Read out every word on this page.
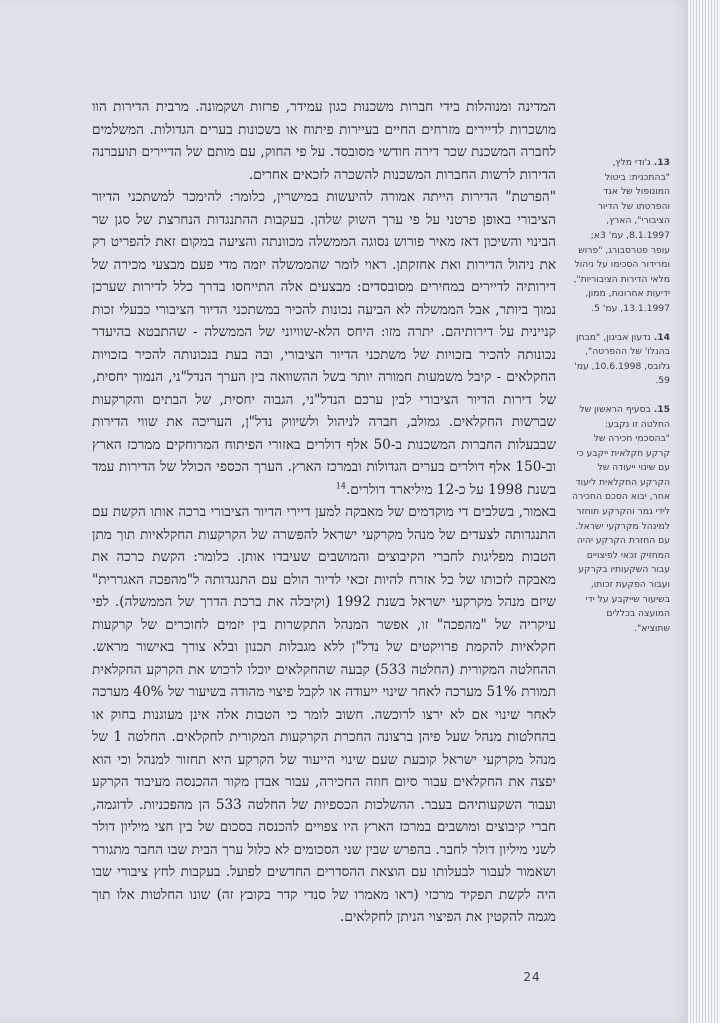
המדינה ומנוהלות בידי חברות משכנות כגון עמידר, פרזות ושקמונה. מרבית הדירות הוו מושכרות לדיירים מזרחים החיים בעיירות פיתוח או בשכונות בערים הגדולות. המשלמים לחברה המשכנת שכר דירה חודשי מסובסד. על פי החוק, עם מותם של הדיירים תועברנה הדירות לרשות החברות המשכנות להשכרה לזכאים אחרים.

"הפרטת" הדירות הייתה אמורה להיעשות במישרין, כלומר: להימכר למשתכני הדיור הציבורי באופן פרטני על פי ערך השוק שלהן. בעקבות ההתנגדות הנחרצת של סגן שר הבינוי והשיכון דאז מאיר פורוש נסוגה הממשלה מכוונתה והציעה במקום זאת להפריט רק את ניהול הדירות ואת אחזקתן. ראוי לומר שהממשלה יזמה מדי פעם מבצעי מכירה של דירותיה לדיירים במחירים מסובסדים: מבצעים אלה התייחסו בדרך כלל לדירות שערכן נמוך ביותר, אבל הממשלה לא הביעה נכונות להכיר במשתכני הדיור הציבורי כבעלי זכות קניינית על דירותיהם. יתרה מזו: היחס הלא-שוויוני של הממשלה - שהתבטא בהיעדר נכונותה להכיר בזכויות של משתכני הדיור הציבורי, ובה בעת בנכונותה להכיר בזכויות החקלאים - קיבל משמעות חמורה יותר בשל ההשוואה בין הערך הנדל"ני, הנמוך יחסית, של דירות הדיור הציבורי לבין ערכם הנדל"ני, הגבוה יחסית, של הבתים והקרקעות שברשות החקלאים. גמולב, חברה לניהול ולשיווק נדל"ן, העריכה את שווי הדירות שבבעלות החברות המשכנות ב-50 אלף דולרים באזורי הפיתוח המרוחקים ממרכז הארץ וב-150 אלף דולרים בערים הגדולות ובמרכז הארץ. הערך הכספי הכולל של הדירות עמד בשנת 1998 על כ-12 מיליארד דולרים.$^{14}$

באמור, בשלבים די מוקדמים של מאבקה למען דיירי הדיור הציבורי ברכה אותו הקשת עם התנגדותה לצעדים של מנהל מקרקעי ישראל להפשרה של הקרקעות החקלאיות תוך מתן הטבות מפליגות לחברי הקיבוצים והמושבים שעיבדו אותן. כלומר: הקשת כרכה את מאבקה לזכותו של כל אזרח להיות זכאי לדיור הולם עם התנגדותה ל"מהפכה האגררית" שיזם מנהל מקרקעי ישראל בשנת 1992 (וקיבלה את ברכת הדרך של הממשלה). לפי עיקריה של "מהפכה" זו, אפשר המנהל התקשרות בין יזמים לחוכרים של קרקעות חקלאיות להקמת פרויקטים של נדל"ן ללא מגבלות תכנון ובלא צורך באישור מראש. ההחלטה המקורית (החלטה 533) קבעה שהחקלאים יוכלו לרכוש את הקרקע החקלאית תמורת 51% מערכה לאחר שינוי ייעודה או לקבל פיצוי מהודה בשיעור של 40% מערכה לאחר שינוי אם לא ירצו לרוכשה. חשוב לומר כי הטבות אלה אינן מעוגנות בחוק או בהחלטות מנהל שעל פיהן ברצונה החכרת הקרקעות המקורית לחקלאים. החלטה 1 של מנהל מקרקעי ישראל קובעת שעם שינוי הייעוד של הקרקע היא תחזור למנהל וכי הוא יפצה את החקלאים עבור סיום חוזה החכירה, עבור אבדן מקור ההכנסה מעיבוד הקרקע ועבור השקעותיהם בעבר. ההשלכות הכספיות של החלטה 533 הן מהפכניות. לדוגמה, חברי קיבוצים ומושבים במרכז הארץ היו צפויים להכנסה בסכום של בין חצי מיליון דולר לשני מיליון דולר לחבר. בהפרש שבין שני הסכומים לא כלול ערך הבית שבו החבר מתגורר ושאמור לעבור לבעלותו עם הוצאת ההסדרים החדשים לפועל. בעקבות לחץ ציבורי שבו היה לקשת תפקיד מרכזי (ראו מאמרו של סנדי קדר בקובץ זה) שונו החלטות אלו תוך מגמה להקטין את הפיצוי הניתן לחקלאים.

13. ג'ודי מלץ, "בהתכנית: ביטול המונופול של אגד והפרטתו של הדיור הציבורי", הארץ, 8.1.1997, עמ' 3א; עופר פטרסבורג, "פרוש ומרידור הסכימו על ניהול מלאי הדירות הציבוריות", ידיעות אחרונות, ממון, 13.1.1997, עמ' 5.
14. נדעון אביגון, "מבחן בהנלו' של ההפרטה", גלובס, 10.6.1998, עמ' 59.
15. בסעיף הראשון של החלטה זו נקבע: "בהסכמי חכירה של קרקע חקלאית ייקבע כי עם שינוי ייעודה של הקרקע החקלאית ליעוד אחר, יבוא הסכם החכירה לידי גמר והקרקע תוחזר למינהל מקרקעי ישראל. עם החזרת הקרקע יהיה המחזיק זכאי לפיצויים עבור השקעותיו בקרקע ועבור הפקעת זכותו, בשיעור שייקבע על ידי המועצה בכללים שתוציא".
24
